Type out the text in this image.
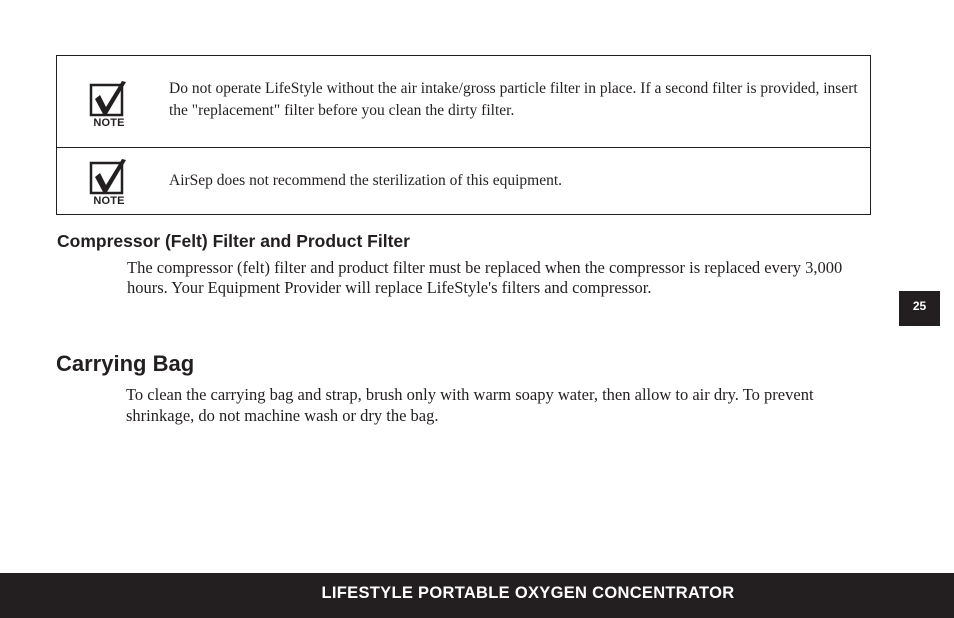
NOTE
Do not operate LifeStyle without the air intake/gross particle filter in place. If a second filter is provided, insert the "replacement" filter before you clean the dirty filter.
NOTE
AirSep does not recommend the sterilization of this equipment.
Compressor (Felt) Filter and Product Filter

The compressor (felt) filter and product filter must be replaced when the compressor is replaced every 3,000 hours. Your Equipment Provider will replace LifeStyle's filters and compressor.

Carrying Bag

To clean the carrying bag and strap, brush only with warm soapy water, then allow to air dry. To prevent shrinkage, do not machine wash or dry the bag.

25
LIFESTYLE PORTABLE OXYGEN CONCENTRATOR
